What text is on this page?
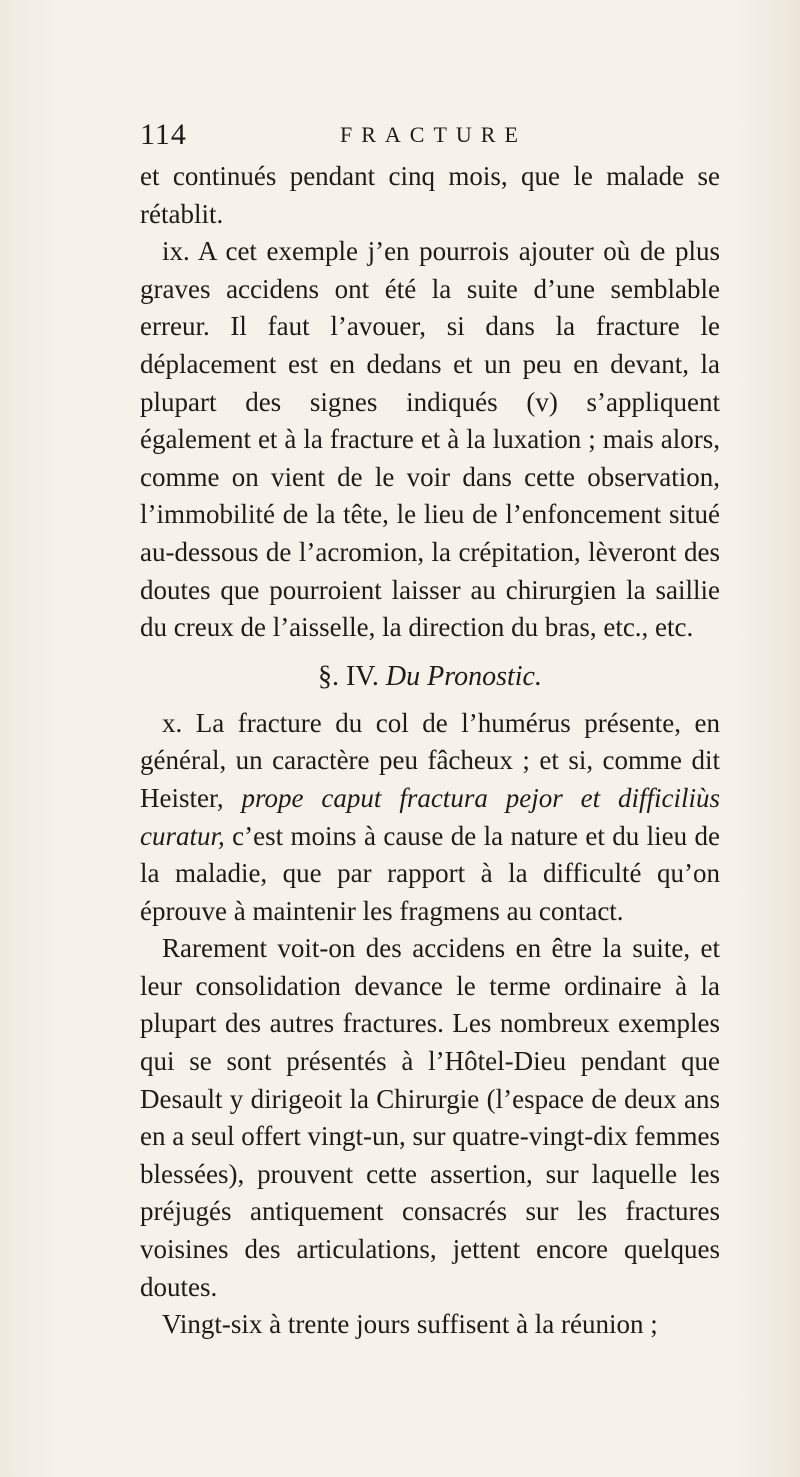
114	FRACTURE

et continués pendant cinq mois, que le malade se rétablit.

ix. A cet exemple j’en pourrois ajouter où de plus graves accidens ont été la suite d’une semblable erreur. Il faut l’avouer, si dans la fracture le déplacement est en dedans et un peu en devant, la plupart des signes indiqués (v) s’appliquent également et à la fracture et à la luxation ; mais alors, comme on vient de le voir dans cette observation, l’immobilité de la tête, le lieu de l’enfoncement situé au-dessous de l’acromion, la crépitation, lèveront des doutes que pourroient laisser au chirurgien la saillie du creux de l’aisselle, la direction du bras, etc., etc.

§. IV. Du Pronostic.

x. La fracture du col de l’humérus présente, en général, un caractère peu fâcheux ; et si, comme dit Heister, prope caput fractura pejor et difficiliùs curatur, c’est moins à cause de la nature et du lieu de la maladie, que par rapport à la difficulté qu’on éprouve à maintenir les fragmens au contact.

Rarement voit-on des accidens en être la suite, et leur consolidation devance le terme ordinaire à la plupart des autres fractures. Les nombreux exemples qui se sont présentés à l’Hôtel-Dieu pendant que Desault y dirigeoit la Chirurgie (l’espace de deux ans en a seul offert vingt-un, sur quatre-vingt-dix femmes blessées), prouvent cette assertion, sur laquelle les préjugés antiquement consacrés sur les fractures voisines des articulations, jettent encore quelques doutes.

Vingt-six à trente jours suffisent à la réunion ;
